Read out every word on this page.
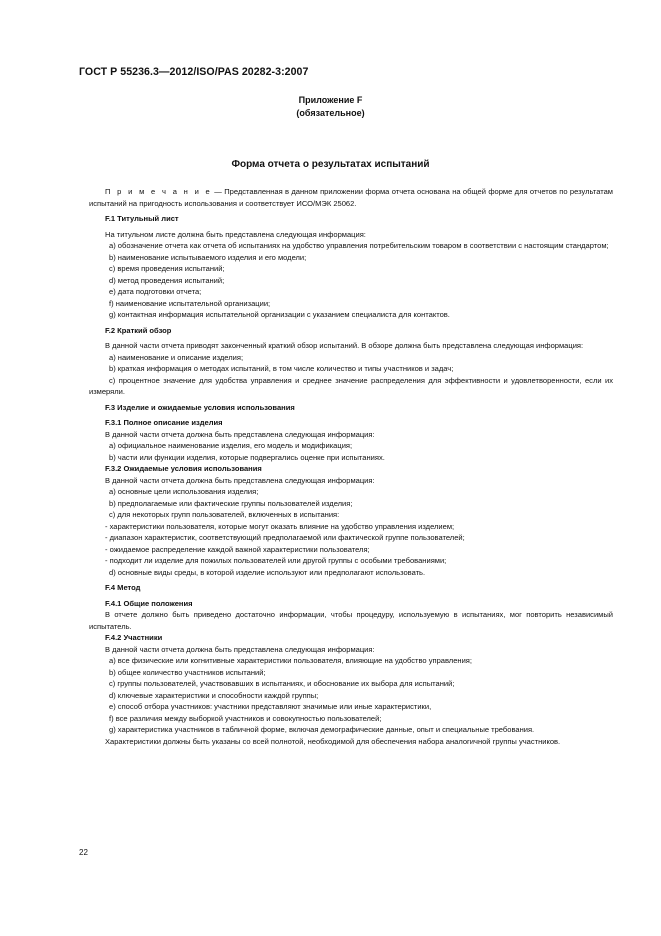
ГОСТ Р 55236.3—2012/ISO/PAS 20282-3:2007
Приложение F
(обязательное)
Форма отчета о результатах испытаний

П р и м е ч а н и е — Представленная в данном приложении форма отчета основана на общей форме для отчетов по результатам испытаний на пригодность использования и соответствует ИСО/МЭК 25062.

F.1 Титульный лист

На титульном листе должна быть представлена следующая информация:

a) обозначение отчета как отчета об испытаниях на удобство управления потребительским товаром в соответствии с настоящим стандартом;

b) наименование испытываемого изделия и его модели;

c) время проведения испытаний;

d) метод проведения испытаний;

e) дата подготовки отчета;

f) наименование испытательной организации;

g) контактная информация испытательной организации с указанием специалиста для контактов.

F.2 Краткий обзор

В данной части отчета приводят законченный краткий обзор испытаний. В обзоре должна быть представлена следующая информация:

a) наименование и описание изделия;

b) краткая информация о методах испытаний, в том числе количество и типы участников и задач;

c) процентное значение для удобства управления и среднее значение распределения для эффективности и удовлетворенности, если их измеряли.

F.3 Изделие и ожидаемые условия использования

F.3.1 Полное описание изделия

В данной части отчета должна быть представлена следующая информация:

a) официальное наименование изделия, его модель и модификация;

b) части или функции изделия, которые подвергались оценке при испытаниях.

F.3.2 Ожидаемые условия использования

В данной части отчета должна быть представлена следующая информация:

a) основные цели использования изделия;

b) предполагаемые или фактические группы пользователей изделия;

c) для некоторых групп пользователей, включенных в испытания:

- характеристики пользователя, которые могут оказать влияние на удобство управления изделием;

- диапазон характеристик, соответствующий предполагаемой или фактической группе пользователей;

- ожидаемое распределение каждой важной характеристики пользователя;

- подходит ли изделие для пожилых пользователей или другой группы с особыми требованиями;

d) основные виды среды, в которой изделие используют или предполагают использовать.

F.4 Метод

F.4.1 Общие положения

В отчете должно быть приведено достаточно информации, чтобы процедуру, используемую в испытаниях, мог повторить независимый испытатель.

F.4.2 Участники

В данной части отчета должна быть представлена следующая информация:

a) все физические или когнитивные характеристики пользователя, влияющие на удобство управления;

b) общее количество участников испытаний;

c) группы пользователей, участвовавших в испытаниях, и обоснование их выбора для испытаний;

d) ключевые характеристики и способности каждой группы;

e) способ отбора участников: участники представляют значимые или иные характеристики,

f) все различия между выборкой участников и совокупностью пользователей;

g) характеристика участников в табличной форме, включая демографические данные, опыт и специальные требования.

Характеристики должны быть указаны со всей полнотой, необходимой для обеспечения набора аналогичной группы участников.

22
